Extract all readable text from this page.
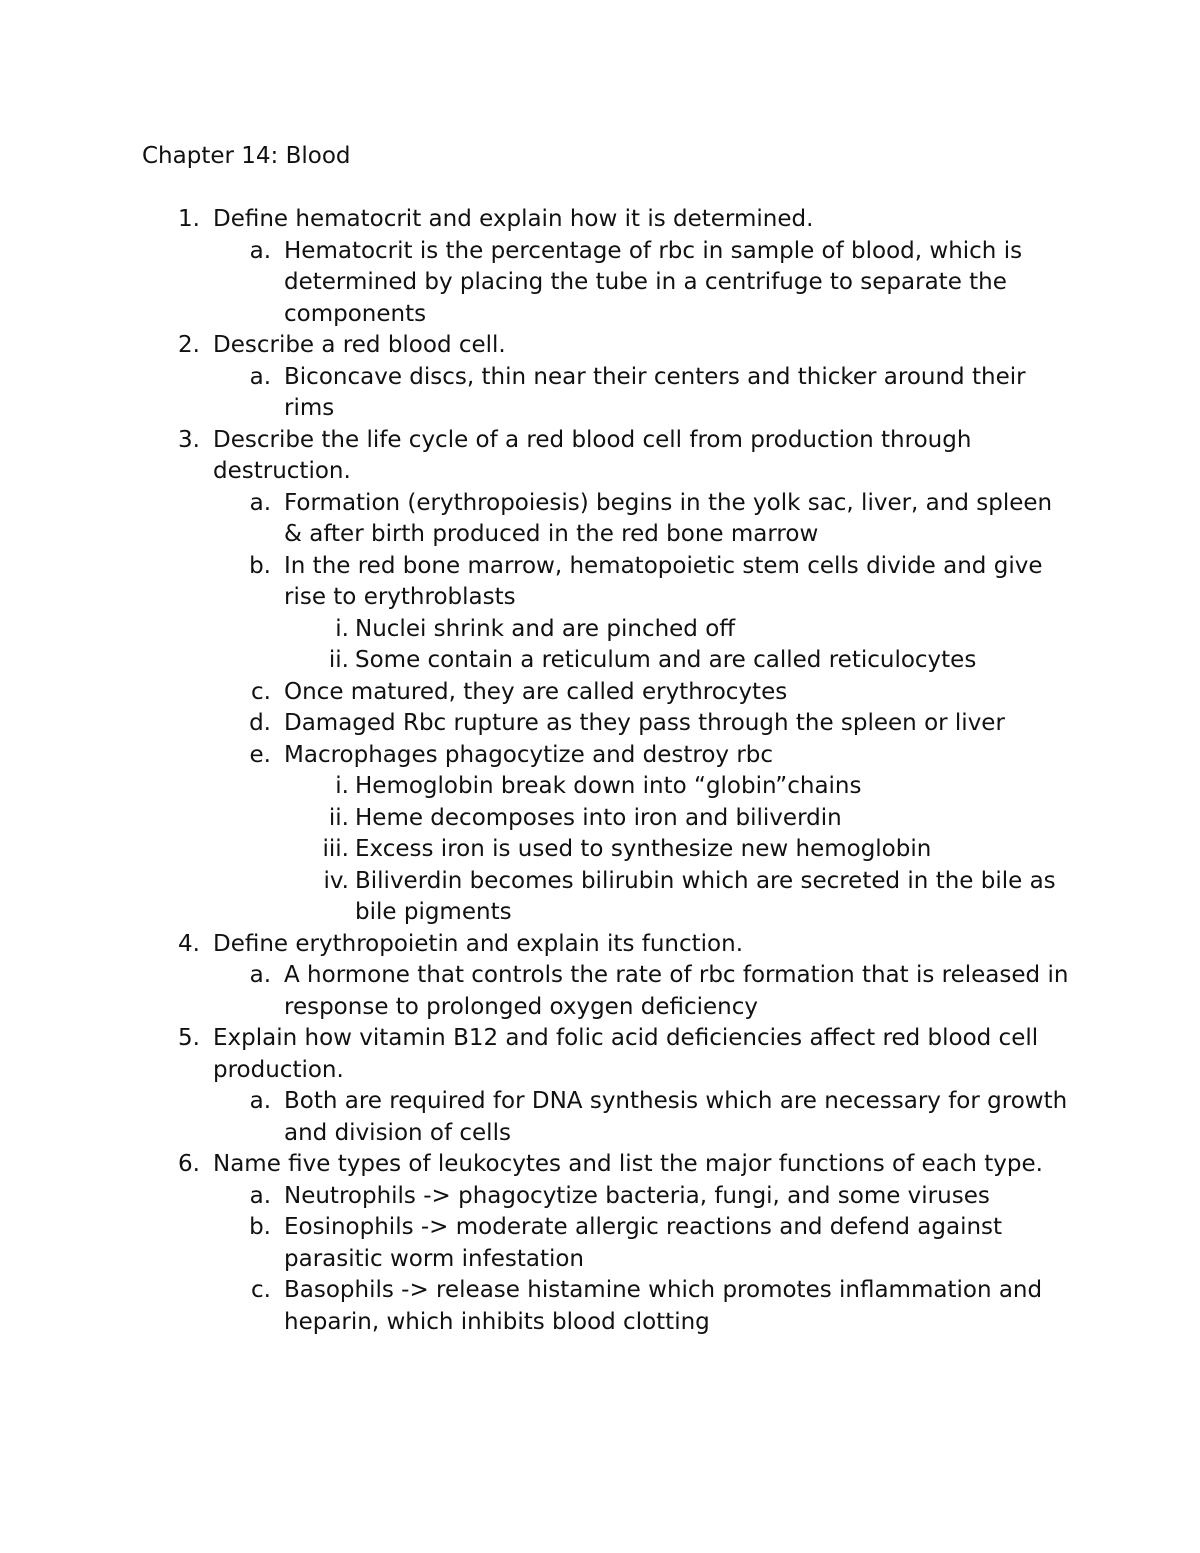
Chapter 14: Blood
1. Define hematocrit and explain how it is determined.
a. Hematocrit is the percentage of rbc in sample of blood, which is determined by placing the tube in a centrifuge to separate the components
2. Describe a red blood cell.
a. Biconcave discs, thin near their centers and thicker around their rims
3. Describe the life cycle of a red blood cell from production through destruction.
a. Formation (erythropoiesis) begins in the yolk sac, liver, and spleen & after birth produced in the red bone marrow
b. In the red bone marrow, hematopoietic stem cells divide and give rise to erythroblasts
i. Nuclei shrink and are pinched off
ii. Some contain a reticulum and are called reticulocytes
c. Once matured, they are called erythrocytes
d. Damaged Rbc rupture as they pass through the spleen or liver
e. Macrophages phagocytize and destroy rbc
i. Hemoglobin break down into “globin”chains
ii. Heme decomposes into iron and biliverdin
iii. Excess iron is used to synthesize new hemoglobin
iv. Biliverdin becomes bilirubin which are secreted in the bile as bile pigments
4. Define erythropoietin and explain its function.
a. A hormone that controls the rate of rbc formation that is released in response to prolonged oxygen deficiency
5. Explain how vitamin B12 and folic acid deficiencies affect red blood cell production.
a. Both are required for DNA synthesis which are necessary for growth and division of cells
6. Name five types of leukocytes and list the major functions of each type.
a. Neutrophils -> phagocytize bacteria, fungi, and some viruses
b. Eosinophils -> moderate allergic reactions and defend against parasitic worm infestation
c. Basophils -> release histamine which promotes inflammation and heparin, which inhibits blood clotting
